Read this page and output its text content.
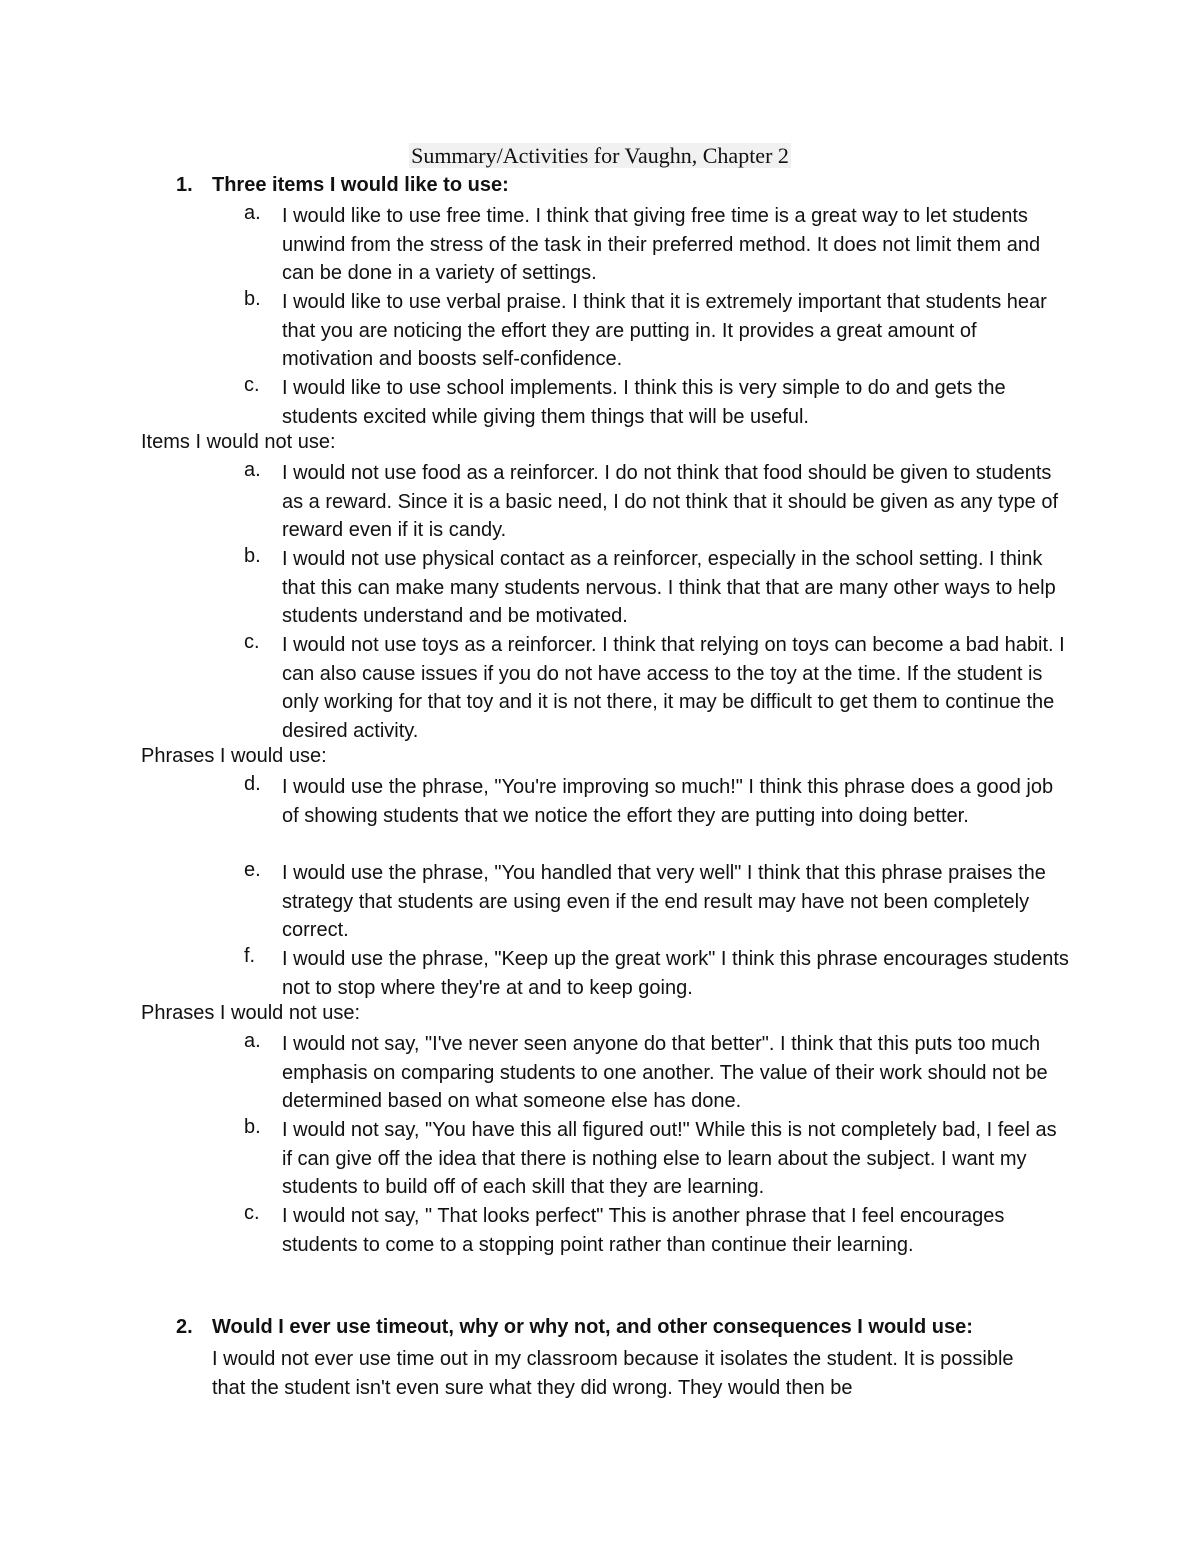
Summary/Activities for Vaughn, Chapter 2
1. Three items I would like to use:
a.	I would like to use free time. I think that giving free time is a great way to let students unwind from the stress of the task in their preferred method. It does not limit them and can be done in a variety of settings.
b.	I would like to use verbal praise. I think that it is extremely important that students hear that you are noticing the effort they are putting in. It provides a great amount of motivation and boosts self-confidence.
c.	I would like to use school implements. I think this is very simple to do and gets the students excited while giving them things that will be useful.
Items I would not use:
a.	I would not use food as a reinforcer. I do not think that food should be given to students as a reward. Since it is a basic need, I do not think that it should be given as any type of reward even if it is candy.
b.	I would not use physical contact as a reinforcer, especially in the school setting. I think that this can make many students nervous. I think that that are many other ways to help students understand and be motivated.
c.	I would not use toys as a reinforcer. I think that relying on toys can become a bad habit. I can also cause issues if you do not have access to the toy at the time. If the student is only working for that toy and it is not there, it may be difficult to get them to continue the desired activity.
Phrases I would use:
d.	I would use the phrase, "You're improving so much!" I think this phrase does a good job of showing students that we notice the effort they are putting into doing better.
e.	I would use the phrase, "You handled that very well" I think that this phrase praises the strategy that students are using even if the end result may have not been completely correct.
f.	I would use the phrase, "Keep up the great work" I think this phrase encourages students not to stop where they're at and to keep going.
Phrases I would not use:
a.	I would not say, "I've never seen anyone do that better". I think that this puts too much emphasis on comparing students to one another. The value of their work should not be determined based on what someone else has done.
b.	I would not say, "You have this all figured out!" While this is not completely bad, I feel as if can give off the idea that there is nothing else to learn about the subject. I want my students to build off of each skill that they are learning.
c.	I would not say, " That looks perfect" This is another phrase that I feel encourages students to come to a stopping point rather than continue their learning.
2. Would I ever use timeout, why or why not, and other consequences I would use:
I would not ever use time out in my classroom because it isolates the student. It is possible that the student isn't even sure what they did wrong. They would then be
